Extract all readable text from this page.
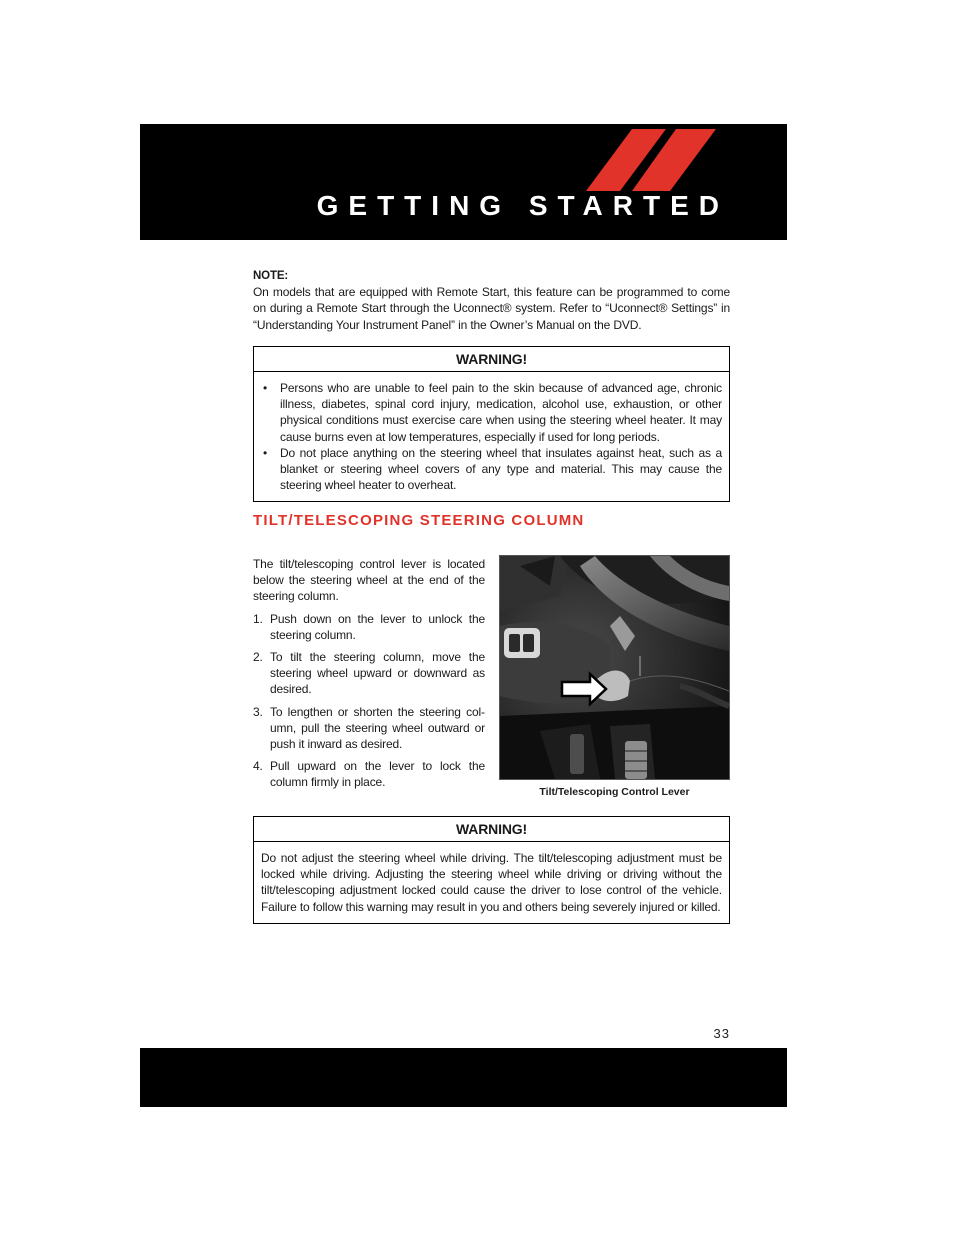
GETTING STARTED
NOTE:
On models that are equipped with Remote Start, this feature can be programmed to come on during a Remote Start through the Uconnect® system. Refer to “Uconnect® Settings” in “Understanding Your Instrument Panel” in the Owner’s Manual on the DVD.
WARNING!
• Persons who are unable to feel pain to the skin because of advanced age, chronic illness, diabetes, spinal cord injury, medication, alcohol use, exhaustion, or other physical conditions must exercise care when using the steering wheel heater. It may cause burns even at low temperatures, especially if used for long periods.
• Do not place anything on the steering wheel that insulates against heat, such as a blanket or steering wheel covers of any type and material. This may cause the steering wheel heater to overheat.
TILT/TELESCOPING STEERING COLUMN
The tilt/telescoping control lever is located below the steering wheel at the end of the steering column.
1. Push down on the lever to unlock the steering column.
2. To tilt the steering column, move the steering wheel upward or downward as desired.
3. To lengthen or shorten the steering column, pull the steering wheel outward or push it inward as desired.
4. Pull upward on the lever to lock the column firmly in place.
Tilt/Telescoping Control Lever
WARNING!
Do not adjust the steering wheel while driving. The tilt/telescoping adjustment must be locked while driving. Adjusting the steering wheel while driving or driving without the tilt/telescoping adjustment locked could cause the driver to lose control of the vehicle. Failure to follow this warning may result in you and others being severely injured or killed.
33
